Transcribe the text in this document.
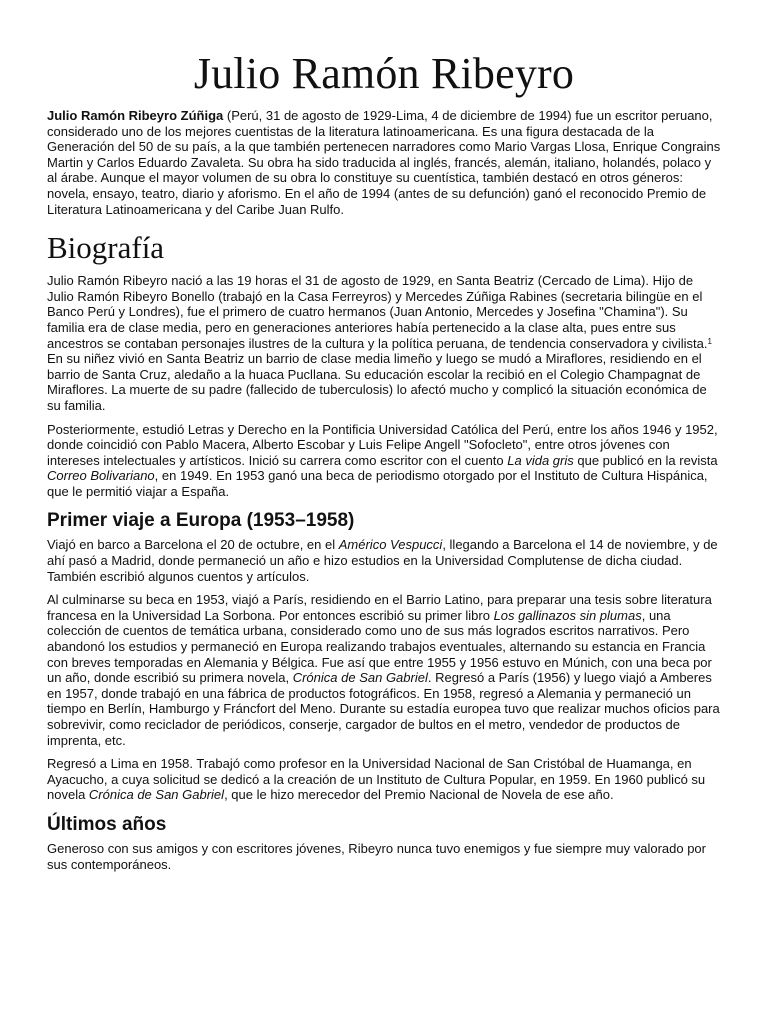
Julio Ramón Ribeyro

Julio Ramón Ribeyro Zúñiga (Perú, 31 de agosto de 1929-Lima, 4 de diciembre de 1994) fue un escritor peruano, considerado uno de los mejores cuentistas de la literatura latinoamericana. Es una figura destacada de la Generación del 50 de su país, a la que también pertenecen narradores como Mario Vargas Llosa, Enrique Congrains Martin y Carlos Eduardo Zavaleta. Su obra ha sido traducida al inglés, francés, alemán, italiano, holandés, polaco y al árabe. Aunque el mayor volumen de su obra lo constituye su cuentística, también destacó en otros géneros: novela, ensayo, teatro, diario y aforismo. En el año de 1994 (antes de su defunción) ganó el reconocido Premio de Literatura Latinoamericana y del Caribe Juan Rulfo.

Biografía

Julio Ramón Ribeyro nació a las 19 horas el 31 de agosto de 1929, en Santa Beatriz (Cercado de Lima). Hijo de Julio Ramón Ribeyro Bonello (trabajó en la Casa Ferreyros) y Mercedes Zúñiga Rabines (secretaria bilingüe en el Banco Perú y Londres), fue el primero de cuatro hermanos (Juan Antonio, Mercedes y Josefina "Chamina"). Su familia era de clase media, pero en generaciones anteriores había pertenecido a la clase alta, pues entre sus ancestros se contaban personajes ilustres de la cultura y la política peruana, de tendencia conservadora y civilista.$^1$ En su niñez vivió en Santa Beatriz un barrio de clase media limeño y luego se mudó a Miraflores, residiendo en el barrio de Santa Cruz, aledaño a la huaca Pucllana. Su educación escolar la recibió en el Colegio Champagnat de Miraflores. La muerte de su padre (fallecido de tuberculosis) lo afectó mucho y complicó la situación económica de su familia.

Posteriormente, estudió Letras y Derecho en la Pontificia Universidad Católica del Perú, entre los años 1946 y 1952, donde coincidió con Pablo Macera, Alberto Escobar y Luis Felipe Angell "Sofocleto", entre otros jóvenes con intereses intelectuales y artísticos. Inició su carrera como escritor con el cuento La vida gris que publicó en la revista Correo Bolivariano, en 1949. En 1953 ganó una beca de periodismo otorgado por el Instituto de Cultura Hispánica, que le permitió viajar a España.

Primer viaje a Europa (1953–1958)

Viajó en barco a Barcelona el 20 de octubre, en el Américo Vespucci, llegando a Barcelona el 14 de noviembre, y de ahí pasó a Madrid, donde permaneció un año e hizo estudios en la Universidad Complutense de dicha ciudad. También escribió algunos cuentos y artículos.

Al culminarse su beca en 1953, viajó a París, residiendo en el Barrio Latino, para preparar una tesis sobre literatura francesa en la Universidad La Sorbona. Por entonces escribió su primer libro Los gallinazos sin plumas, una colección de cuentos de temática urbana, considerado como uno de sus más logrados escritos narrativos. Pero abandonó los estudios y permaneció en Europa realizando trabajos eventuales, alternando su estancia en Francia con breves temporadas en Alemania y Bélgica. Fue así que entre 1955 y 1956 estuvo en Múnich, con una beca por un año, donde escribió su primera novela, Crónica de San Gabriel. Regresó a París (1956) y luego viajó a Amberes en 1957, donde trabajó en una fábrica de productos fotográficos. En 1958, regresó a Alemania y permaneció un tiempo en Berlín, Hamburgo y Fráncfort del Meno. Durante su estadía europea tuvo que realizar muchos oficios para sobrevivir, como reciclador de periódicos, conserje, cargador de bultos en el metro, vendedor de productos de imprenta, etc.

Regresó a Lima en 1958. Trabajó como profesor en la Universidad Nacional de San Cristóbal de Huamanga, en Ayacucho, a cuya solicitud se dedicó a la creación de un Instituto de Cultura Popular, en 1959. En 1960 publicó su novela Crónica de San Gabriel, que le hizo merecedor del Premio Nacional de Novela de ese año.

Últimos años

Generoso con sus amigos y con escritores jóvenes, Ribeyro nunca tuvo enemigos y fue siempre muy valorado por sus contemporáneos.
